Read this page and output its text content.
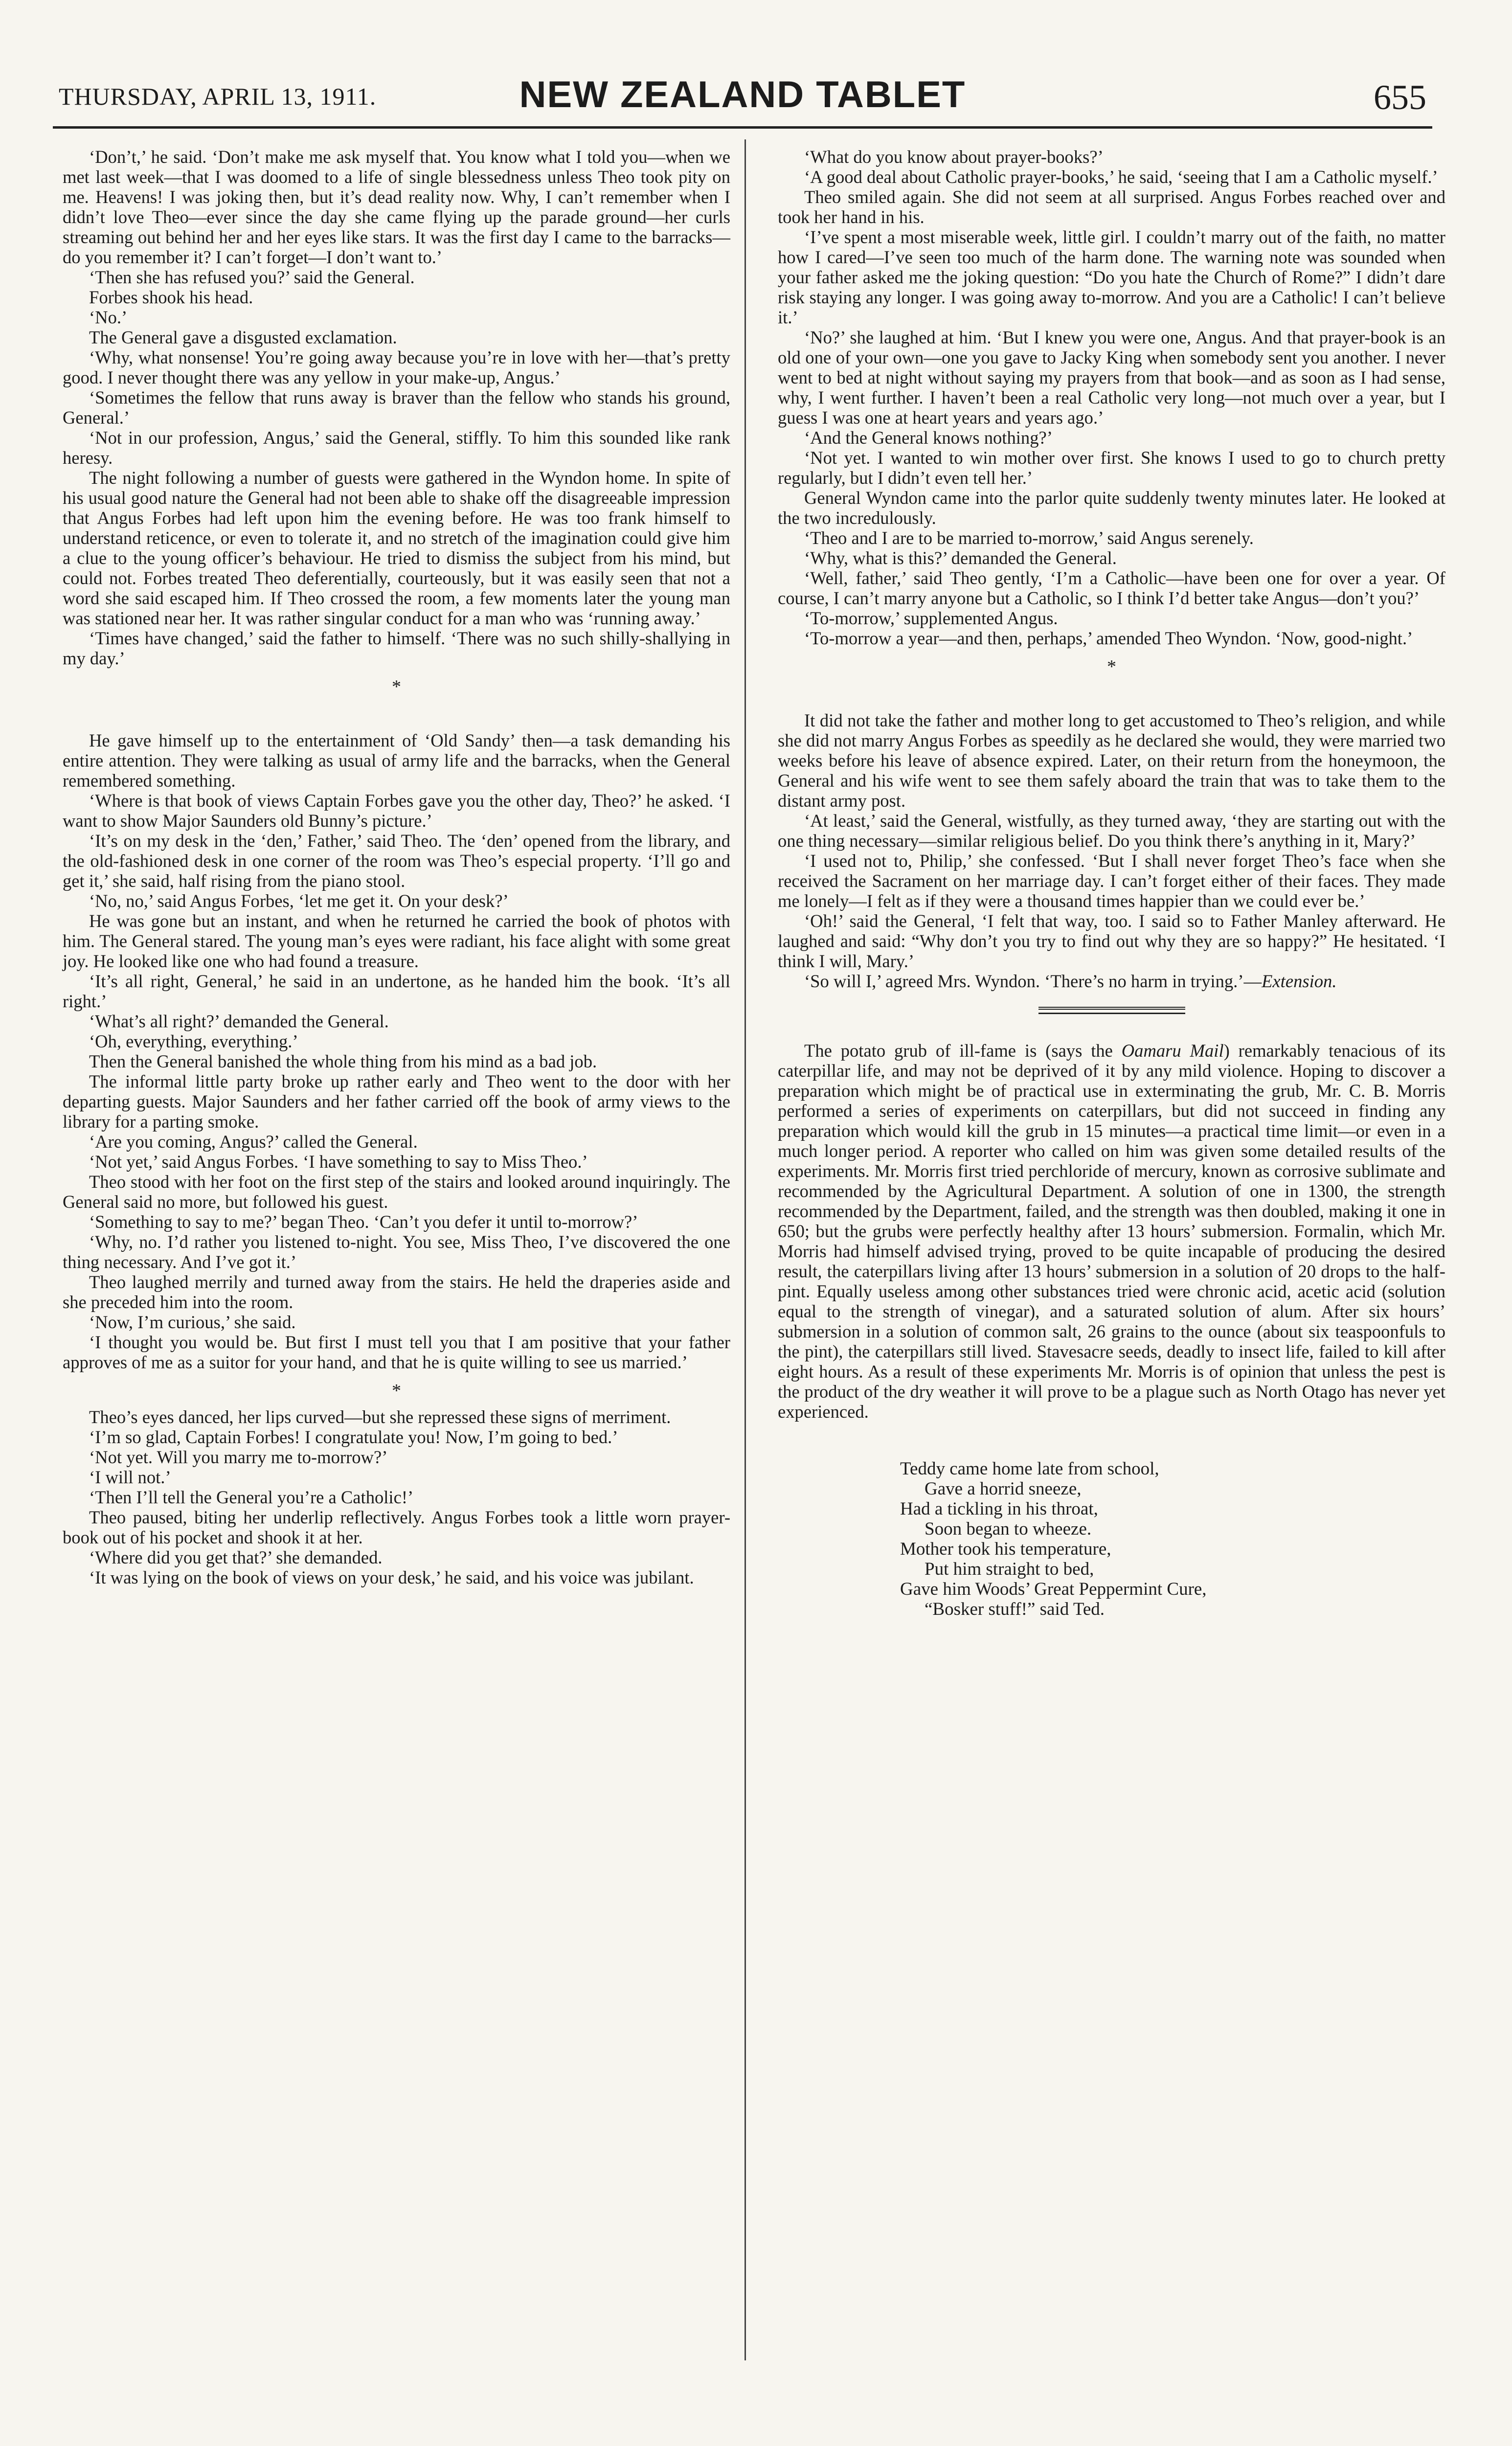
THURSDAY, APRIL 13, 1911.	NEW ZEALAND TABLET	655

‘Don’t,’ he said. ‘Don’t make me ask myself that. You know what I told you—when we met last week—that I was doomed to a life of single blessedness unless Theo took pity on me. Heavens! I was joking then, but it’s dead reality now. Why, I can’t remember when I didn’t love Theo—ever since the day she came flying up the parade ground—her curls streaming out behind her and her eyes like stars. It was the first day I came to the barracks—do you remember it? I can’t forget—I don’t want to.’

‘Then she has refused you?’ said the General.

Forbes shook his head.

‘No.’

The General gave a disgusted exclamation.

‘Why, what nonsense! You’re going away because you’re in love with her—that’s pretty good. I never thought there was any yellow in your make-up, Angus.’

‘Sometimes the fellow that runs away is braver than the fellow who stands his ground, General.’

‘Not in our profession, Angus,’ said the General, stiffly. To him this sounded like rank heresy.

The night following a number of guests were gathered in the Wyndon home. In spite of his usual good nature the General had not been able to shake off the disagreeable impression that Angus Forbes had left upon him the evening before. He was too frank himself to understand reticence, or even to tolerate it, and no stretch of the imagination could give him a clue to the young officer’s behaviour. He tried to dismiss the subject from his mind, but could not. Forbes treated Theo deferentially, courteously, but it was easily seen that not a word she said escaped him. If Theo crossed the room, a few moments later the young man was stationed near her. It was rather singular conduct for a man who was ‘running away.’

‘Times have changed,’ said the father to himself. ‘There was no such shilly-shallying in my day.’

*

He gave himself up to the entertainment of ‘Old Sandy’ then—a task demanding his entire attention. They were talking as usual of army life and the barracks, when the General remembered something.

‘Where is that book of views Captain Forbes gave you the other day, Theo?’ he asked. ‘I want to show Major Saunders old Bunny’s picture.’

‘It’s on my desk in the ‘den,’ Father,’ said Theo. The ‘den’ opened from the library, and the old-fashioned desk in one corner of the room was Theo’s especial property. ‘I’ll go and get it,’ she said, half rising from the piano stool.

‘No, no,’ said Angus Forbes, ‘let me get it. On your desk?’

He was gone but an instant, and when he returned he carried the book of photos with him. The General stared. The young man’s eyes were radiant, his face alight with some great joy. He looked like one who had found a treasure.

‘It’s all right, General,’ he said in an undertone, as he handed him the book. ‘It’s all right.’

‘What’s all right?’ demanded the General.

‘Oh, everything, everything.’

Then the General banished the whole thing from his mind as a bad job.

The informal little party broke up rather early and Theo went to the door with her departing guests. Major Saunders and her father carried off the book of army views to the library for a parting smoke.

‘Are you coming, Angus?’ called the General.

‘Not yet,’ said Angus Forbes. ‘I have something to say to Miss Theo.’

Theo stood with her foot on the first step of the stairs and looked around inquiringly. The General said no more, but followed his guest.

‘Something to say to me?’ began Theo. ‘Can’t you defer it until to-morrow?’

‘Why, no. I’d rather you listened to-night. You see, Miss Theo, I’ve discovered the one thing necessary. And I’ve got it.’

Theo laughed merrily and turned away from the stairs. He held the draperies aside and she preceded him into the room.

‘Now, I’m curious,’ she said.

‘I thought you would be. But first I must tell you that I am positive that your father approves of me as a suitor for your hand, and that he is quite willing to see us married.’

*

Theo’s eyes danced, her lips curved—but she repressed these signs of merriment.

‘I’m so glad, Captain Forbes! I congratulate you! Now, I’m going to bed.’

‘Not yet. Will you marry me to-morrow?’

‘I will not.’

‘Then I’ll tell the General you’re a Catholic!’

Theo paused, biting her underlip reflectively. Angus Forbes took a little worn prayer-book out of his pocket and shook it at her.

‘Where did you get that?’ she demanded.

‘It was lying on the book of views on your desk,’ he said, and his voice was jubilant.

‘What do you know about prayer-books?’

‘A good deal about Catholic prayer-books,’ he said, ‘seeing that I am a Catholic myself.’

Theo smiled again. She did not seem at all surprised. Angus Forbes reached over and took her hand in his.

‘I’ve spent a most miserable week, little girl. I couldn’t marry out of the faith, no matter how I cared—I’ve seen too much of the harm done. The warning note was sounded when your father asked me the joking question: “Do you hate the Church of Rome?” I didn’t dare risk staying any longer. I was going away to-morrow. And you are a Catholic! I can’t believe it.’

‘No?’ she laughed at him. ‘But I knew you were one, Angus. And that prayer-book is an old one of your own—one you gave to Jacky King when somebody sent you another. I never went to bed at night without saying my prayers from that book—and as soon as I had sense, why, I went further. I haven’t been a real Catholic very long—not much over a year, but I guess I was one at heart years and years ago.’

‘And the General knows nothing?’

‘Not yet. I wanted to win mother over first. She knows I used to go to church pretty regularly, but I didn’t even tell her.’

General Wyndon came into the parlor quite suddenly twenty minutes later. He looked at the two incredulously.

‘Theo and I are to be married to-morrow,’ said Angus serenely.

‘Why, what is this?’ demanded the General.

‘Well, father,’ said Theo gently, ‘I’m a Catholic—have been one for over a year. Of course, I can’t marry anyone but a Catholic, so I think I’d better take Angus—don’t you?’

‘To-morrow,’ supplemented Angus.

‘To-morrow a year—and then, perhaps,’ amended Theo Wyndon. ‘Now, good-night.’

*

It did not take the father and mother long to get accustomed to Theo’s religion, and while she did not marry Angus Forbes as speedily as he declared she would, they were married two weeks before his leave of absence expired. Later, on their return from the honeymoon, the General and his wife went to see them safely aboard the train that was to take them to the distant army post.

‘At least,’ said the General, wistfully, as they turned away, ‘they are starting out with the one thing necessary—similar religious belief. Do you think there’s anything in it, Mary?’

‘I used not to, Philip,’ she confessed. ‘But I shall never forget Theo’s face when she received the Sacrament on her marriage day. I can’t forget either of their faces. They made me lonely—I felt as if they were a thousand times happier than we could ever be.’

‘Oh!’ said the General, ‘I felt that way, too. I said so to Father Manley afterward. He laughed and said: “Why don’t you try to find out why they are so happy?” He hesitated. ‘I think I will, Mary.’

‘So will I,’ agreed Mrs. Wyndon. ‘There’s no harm in trying.’—Extension.

The potato grub of ill-fame is (says the Oamaru Mail) remarkably tenacious of its caterpillar life, and may not be deprived of it by any mild violence. Hoping to discover a preparation which might be of practical use in exterminating the grub, Mr. C. B. Morris performed a series of experiments on caterpillars, but did not succeed in finding any preparation which would kill the grub in 15 minutes—a practical time limit—or even in a much longer period. A reporter who called on him was given some detailed results of the experiments. Mr. Morris first tried perchloride of mercury, known as corrosive sublimate and recommended by the Agricultural Department. A solution of one in 1300, the strength recommended by the Department, failed, and the strength was then doubled, making it one in 650; but the grubs were perfectly healthy after 13 hours’ submersion. Formalin, which Mr. Morris had himself advised trying, proved to be quite incapable of producing the desired result, the caterpillars living after 13 hours’ submersion in a solution of 20 drops to the half-pint. Equally useless among other substances tried were chronic acid, acetic acid (solution equal to the strength of vinegar), and a saturated solution of alum. After six hours’ submersion in a solution of common salt, 26 grains to the ounce (about six teaspoonfuls to the pint), the caterpillars still lived. Stavesacre seeds, deadly to insect life, failed to kill after eight hours. As a result of these experiments Mr. Morris is of opinion that unless the pest is the product of the dry weather it will prove to be a plague such as North Otago has never yet experienced.

Teddy came home late from school,
Gave a horrid sneeze,
Had a tickling in his throat,
Soon began to wheeze.
Mother took his temperature,
Put him straight to bed,
Gave him Woods’ Great Peppermint Cure,
“Bosker stuff!” said Ted.
